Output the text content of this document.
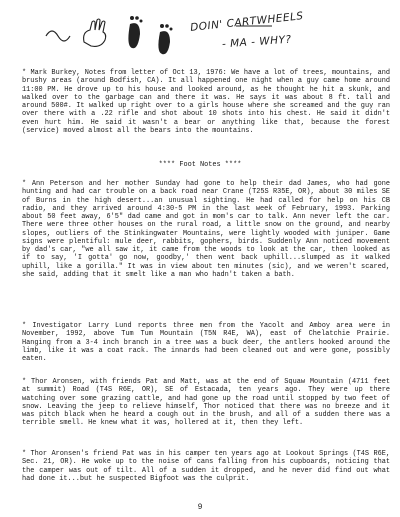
DOIN' CARTWHEELS
- MA - WHY?
* Mark Burkey, Notes from letter of Oct 13, 1976: We have a lot of trees, mountains, and brushy areas (around Bodfish, CA). It all happened one night when a guy came home around 11:00 PM. He drove up to his house and looked around, as he thought he hit a skunk, and walked over to the garbage can and there it was. He says it was about 8 ft. tall and around 500#. It walked up right over to a girls house where she screamed and the guy ran over there with a .22 rifle and shot about 10 shots into his chest. He said it didn't even hurt him. He said it wasn't a bear or anything like that, because the forest (service) moved almost all the bears into the mountains.
**** Foot Notes ****
* Ann Peterson and her mother Sunday had gone to help their dad James, who had gone hunting and had car trouble on a back road near Crane (T25S R35E, OR), about 30 miles SE of Burns in the high desert...an unusual sighting. He had called for help on his CB radio, and they arrived around 4:30-5 PM in the last week of February, 1993. Parking about 50 feet away, 6'5" dad came and got in mom's car to talk. Ann never left the car. There were three other houses on the rural road, a little snow on the ground, and nearby slopes, outliers of the Stinkingwater Mountains, were lightly wooded with juniper. Game signs were plentiful: mule deer, rabbits, gophers, birds. Suddenly Ann noticed movement by dad's car, "we all saw it, it came from the woods to look at the car, then looked as if to say, 'I gotta' go now, goodby,' then went back uphill...slumped as it walked uphill, like a gorilla." It was in view about ten minutes (sic), and we weren't scared, she said, adding that it smelt like a man who hadn't taken a bath.
* Investigator Larry Lund reports three men from the Yacolt and Amboy area were in November, 1992, above Tum Tum Mountain (T5N R4E, WA), east of Chelatchie Prairie. Hanging from a 3-4 inch branch in a tree was a buck deer, the antlers hooked around the limb, like it was a coat rack. The innards had been cleaned out and were gone, possibly eaten.
* Thor Aronsen, with friends Pat and Matt, was at the end of Squaw Mountain (4711 feet at summit) Road (T4S R6E, OR), SE of Estacada, ten years ago. They were up there watching over some grazing cattle, and had gone up the road until stopped by two feet of snow. Leaving the jeep to relieve himself, Thor noticed that there was no breeze and it was pitch black when he heard a cough out in the brush, and all of a sudden there was a terrible smell. He knew what it was, hollered at it, then they left.
* Thor Aronsen's friend Pat was in his camper ten years ago at Lookout Springs (T4S R6E, Sec. 21, OR). He woke up to the noise of cans falling from his cupboards, noticing that the camper was out of tilt. All of a sudden it dropped, and he never did find out what had done it...but he suspected Bigfoot was the culprit.
9
